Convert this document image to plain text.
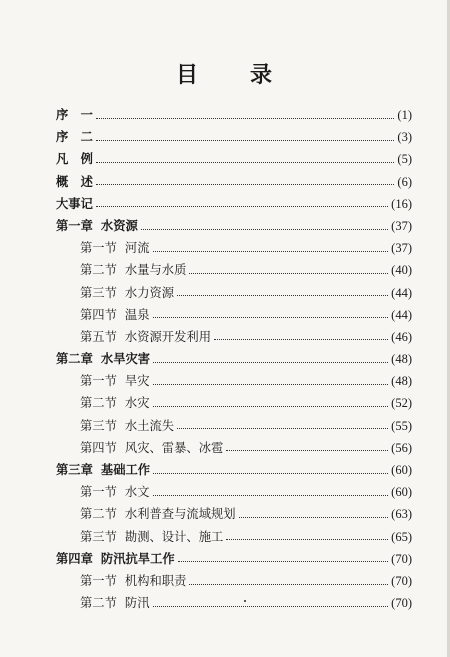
目 录
序　一	(1)
序　二	(3)
凡　例	(5)
概　述	(6)
大事记	(16)
第一章 水资源	(37)
第一节 河流	(37)
第二节 水量与水质	(40)
第三节 水力资源	(44)
第四节 温泉	(44)
第五节 水资源开发利用	(46)
第二章 水旱灾害	(48)
第一节 旱灾	(48)
第二节 水灾	(52)
第三节 水土流失	(55)
第四节 风灾、雷暴、冰雹	(56)
第三章 基础工作	(60)
第一节 水文	(60)
第二节 水利普查与流域规划	(63)
第三节 勘测、设计、施工	(65)
第四章 防汛抗旱工作	(70)
第一节 机构和职责	(70)
第二节 防汛	(70)
